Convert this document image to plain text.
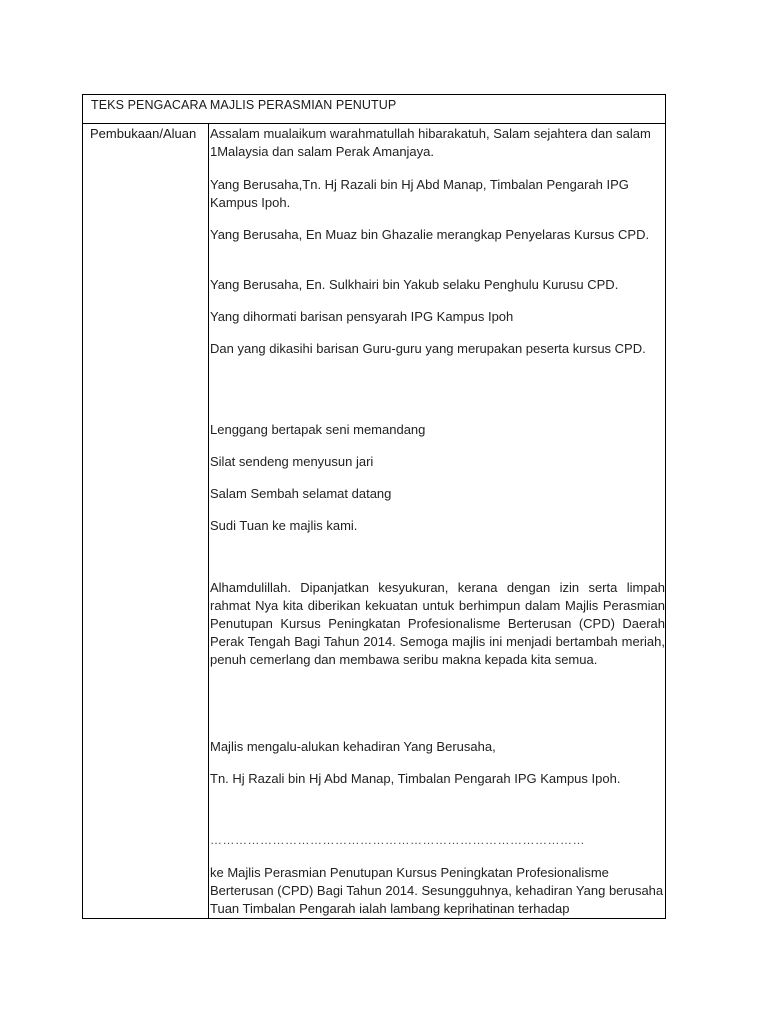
TEKS PENGACARA MAJLIS PERASMIAN PENUTUP
Pembukaan/Aluan	Assalam mualaikum warahmatullah hibarakatuh, Salam sejahtera dan salam 1Malaysia dan salam Perak Amanjaya.

Yang Berusaha,Tn. Hj Razali bin Hj Abd Manap, Timbalan Pengarah IPG Kampus Ipoh.

Yang Berusaha, En Muaz bin Ghazalie merangkap Penyelaras Kursus CPD.

Yang Berusaha, En. Sulkhairi bin Yakub selaku Penghulu Kurusu CPD.

Yang dihormati barisan pensyarah IPG Kampus Ipoh

Dan yang dikasihi barisan Guru-guru yang merupakan peserta kursus CPD.

Lenggang bertapak seni memandang

Silat sendeng menyusun jari

Salam Sembah selamat datang

Sudi Tuan ke majlis kami.

Alhamdulillah. Dipanjatkan kesyukuran, kerana dengan izin serta limpah rahmat Nya kita diberikan kekuatan untuk berhimpun dalam Majlis Perasmian Penutupan Kursus Peningkatan Profesionalisme Berterusan (CPD) Daerah Perak Tengah Bagi Tahun 2014. Semoga majlis ini menjadi bertambah meriah, penuh cemerlang dan membawa seribu makna kepada kita semua.

Majlis mengalu-alukan kehadiran Yang Berusaha,

Tn. Hj Razali bin Hj Abd Manap, Timbalan Pengarah IPG Kampus Ipoh.

………………………………………………………………………………

ke Majlis Perasmian Penutupan Kursus Peningkatan Profesionalisme Berterusan (CPD) Bagi Tahun 2014. Sesungguhnya, kehadiran Yang berusaha Tuan Timbalan Pengarah ialah lambang keprihatinan terhadap
